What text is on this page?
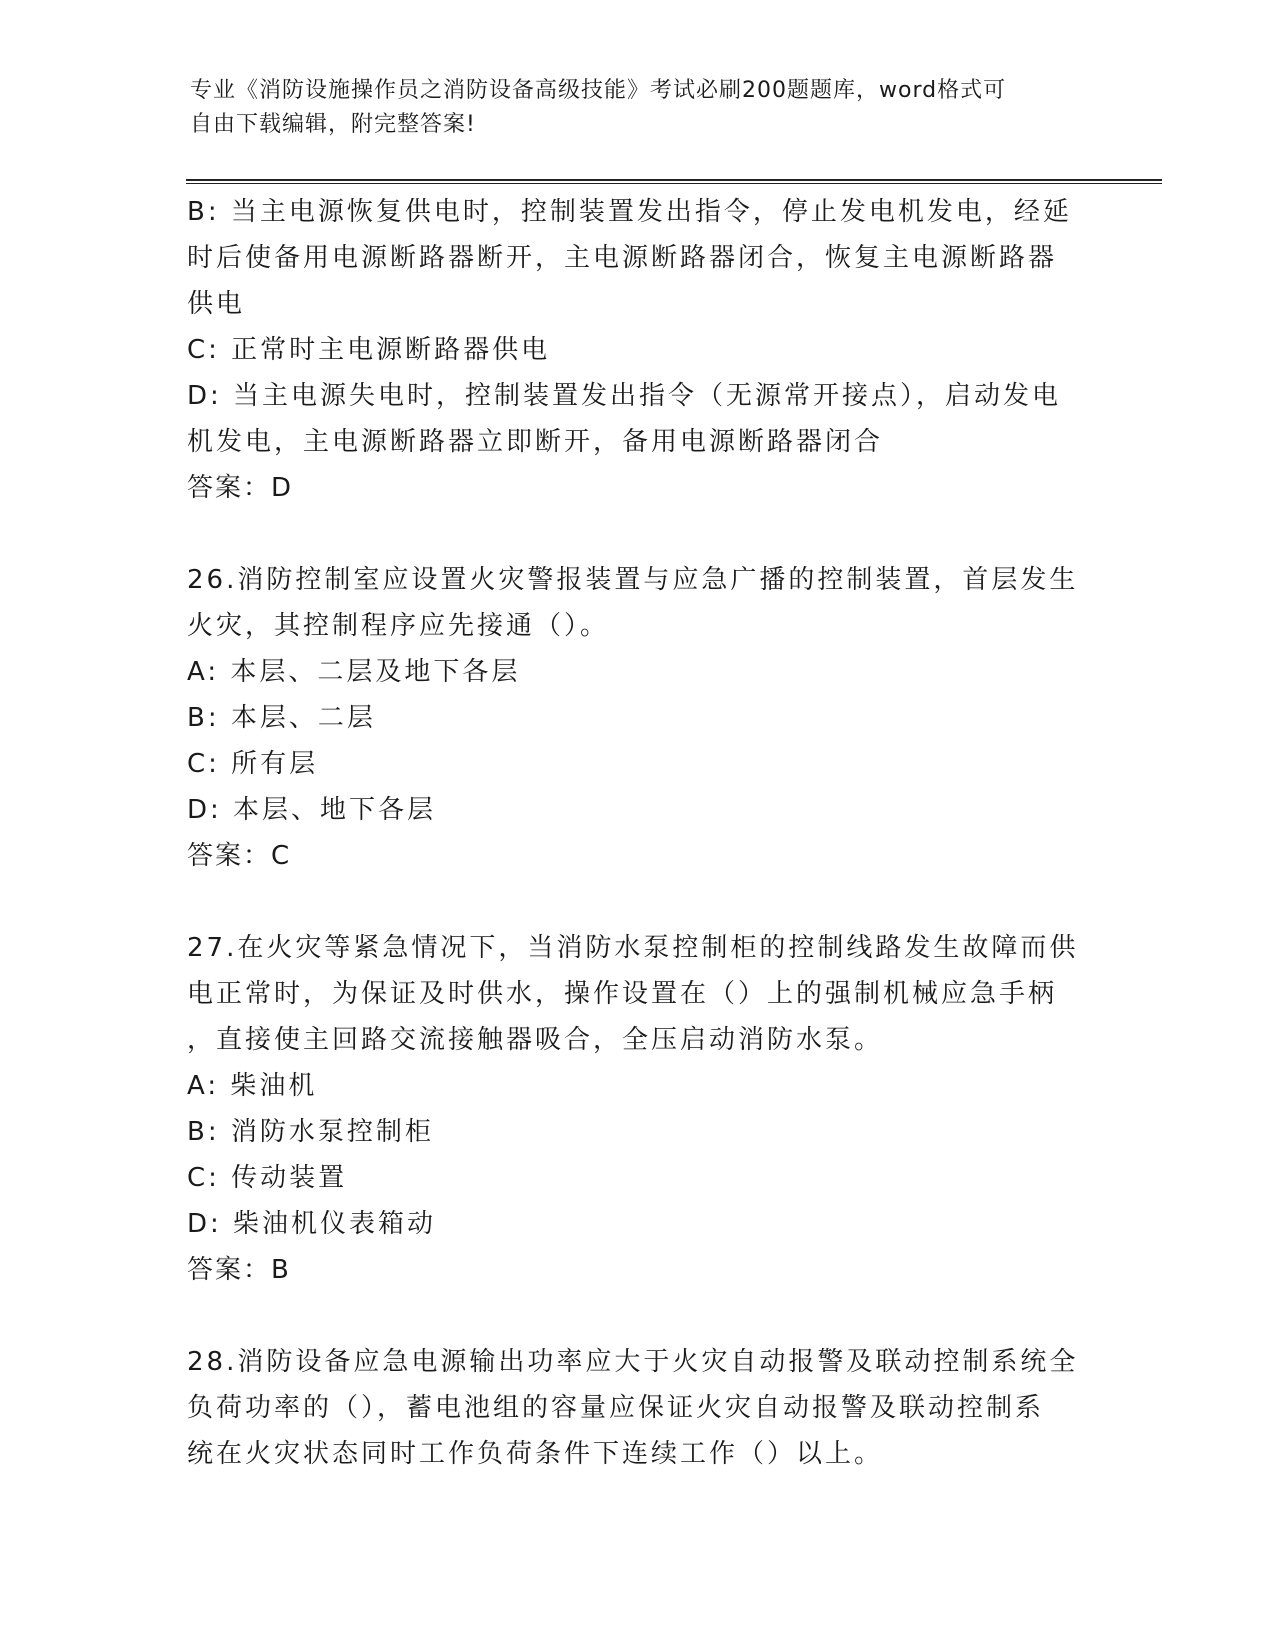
专业《消防设施操作员之消防设备高级技能》考试必刷200题题库，word格式可
自由下载编辑，附完整答案!
B: 当主电源恢复供电时，控制装置发出指令，停止发电机发电，经延
时后使备用电源断路器断开，主电源断路器闭合，恢复主电源断路器
供电
C: 正常时主电源断路器供电
D: 当主电源失电时，控制装置发出指令（无源常开接点），启动发电
机发电，主电源断路器立即断开，备用电源断路器闭合
答案：D
26.消防控制室应设置火灾警报装置与应急广播的控制装置，首层发生
火灾，其控制程序应先接通（）。
A: 本层、二层及地下各层
B: 本层、二层
C: 所有层
D: 本层、地下各层
答案：C
27.在火灾等紧急情况下，当消防水泵控制柜的控制线路发生故障而供
电正常时，为保证及时供水，操作设置在（）上的强制机械应急手柄
，直接使主回路交流接触器吸合，全压启动消防水泵。
A: 柴油机
B: 消防水泵控制柜
C: 传动装置
D: 柴油机仪表箱动
答案：B
28.消防设备应急电源输出功率应大于火灾自动报警及联动控制系统全
负荷功率的（），蓄电池组的容量应保证火灾自动报警及联动控制系
统在火灾状态同时工作负荷条件下连续工作（）以上。
